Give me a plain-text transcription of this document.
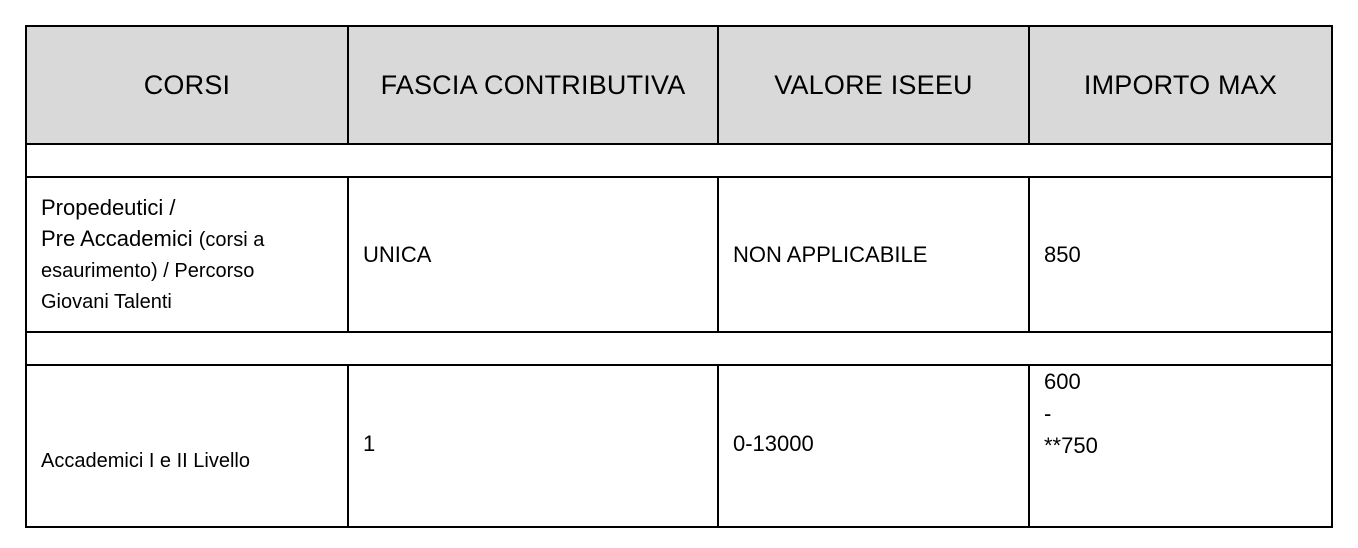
CORSI	FASCIA CONTRIBUTIVA	VALORE ISEEU	IMPORTO MAX

Propedeutici /
Pre Accademici (corsi a
esaurimento) / Percorso
Giovani Talenti	UNICA	NON APPLICABILE	850

Accademici I e II Livello	1	0-13000	600
-
**750
